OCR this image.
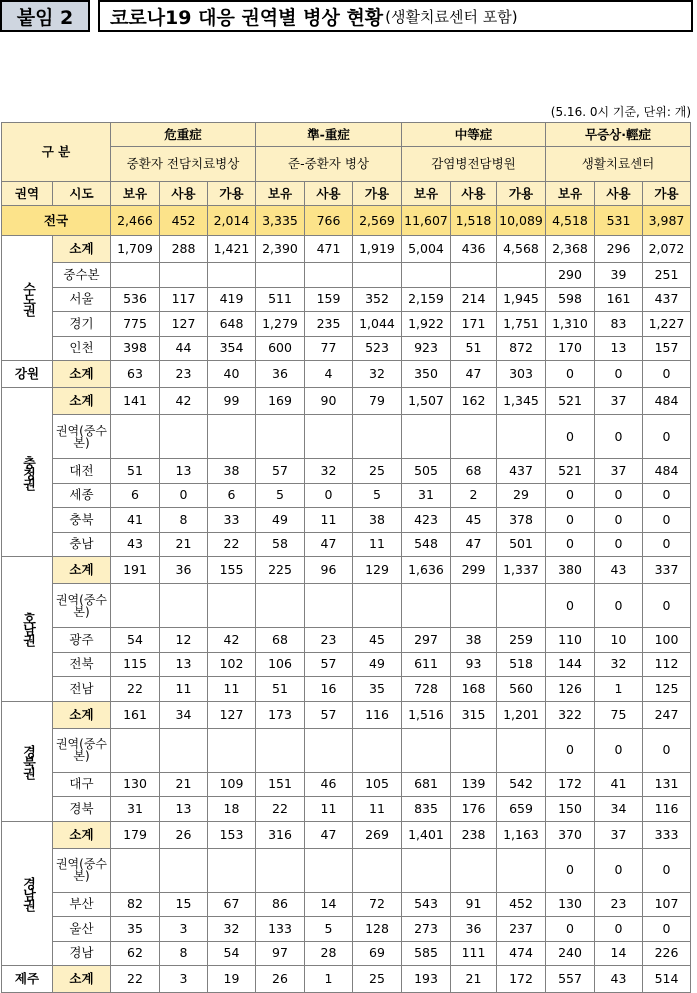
붙임 2 코로나19 대응 권역별 병상 현황 (생활치료센터 포함)
(5.16. 0시 기준, 단위: 개)
구 분		危重症			準-重症			中等症			무증상·輕症		
		중환자 전담치료병상			준-중환자 병상			감염병전담병원			생활치료센터		
권역	시도	보유	사용	가용	보유	사용	가용	보유	사용	가용	보유	사용	가용
전국		2,466	452	2,014	3,335	766	2,569	11,607	1,518	10,089	4,518	531	3,987
수도권	소계	1,709	288	1,421	2,390	471	1,919	5,004	436	4,568	2,368	296	2,072
	중수본										290	39	251
	서울	536	117	419	511	159	352	2,159	214	1,945	598	161	437
	경기	775	127	648	1,279	235	1,044	1,922	171	1,751	1,310	83	1,227
	인천	398	44	354	600	77	523	923	51	872	170	13	157
강원	소계	63	23	40	36	4	32	350	47	303	0	0	0
충청권	소계	141	42	99	169	90	79	1,507	162	1,345	521	37	484
	권역(중수본)										0	0	0
	대전	51	13	38	57	32	25	505	68	437	521	37	484
	세종	6	0	6	5	0	5	31	2	29	0	0	0
	충북	41	8	33	49	11	38	423	45	378	0	0	0
	충남	43	21	22	58	47	11	548	47	501	0	0	0
호남권	소계	191	36	155	225	96	129	1,636	299	1,337	380	43	337
	권역(중수본)										0	0	0
	광주	54	12	42	68	23	45	297	38	259	110	10	100
	전북	115	13	102	106	57	49	611	93	518	144	32	112
	전남	22	11	11	51	16	35	728	168	560	126	1	125
경북권	소계	161	34	127	173	57	116	1,516	315	1,201	322	75	247
	권역(중수본)										0	0	0
	대구	130	21	109	151	46	105	681	139	542	172	41	131
	경북	31	13	18	22	11	11	835	176	659	150	34	116
경남권	소계	179	26	153	316	47	269	1,401	238	1,163	370	37	333
	권역(중수본)										0	0	0
	부산	82	15	67	86	14	72	543	91	452	130	23	107
	울산	35	3	32	133	5	128	273	36	237	0	0	0
	경남	62	8	54	97	28	69	585	111	474	240	14	226
제주	소계	22	3	19	26	1	25	193	21	172	557	43	514
